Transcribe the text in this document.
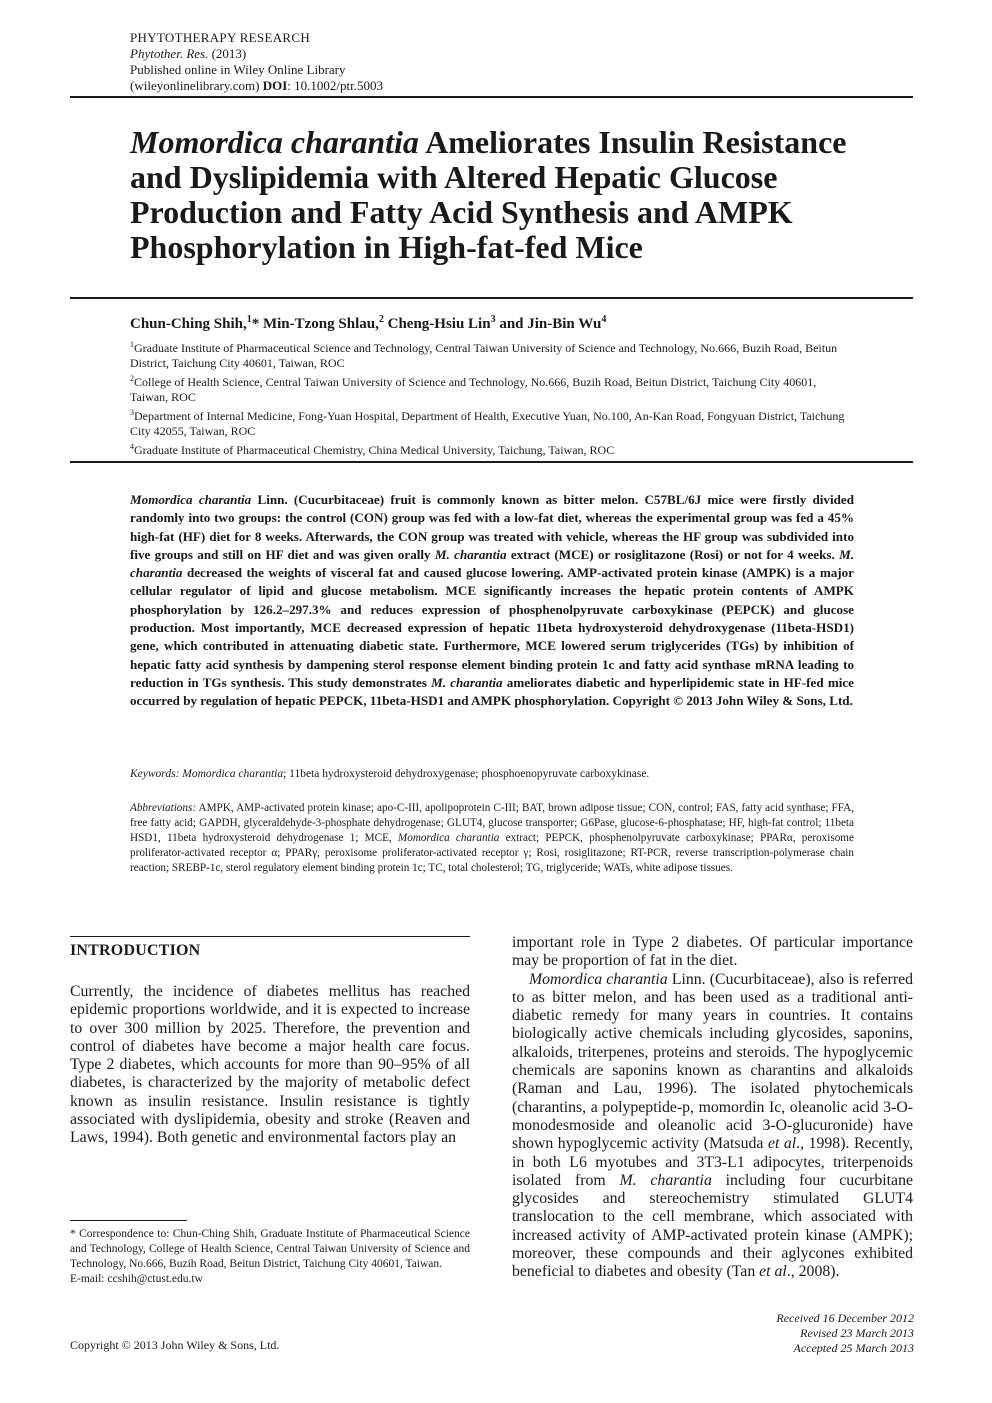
PHYTOTHERAPY RESEARCH
Phytother. Res. (2013)
Published online in Wiley Online Library
(wileyonlinelibrary.com) DOI: 10.1002/ptr.5003
Momordica charantia Ameliorates Insulin Resistance and Dyslipidemia with Altered Hepatic Glucose Production and Fatty Acid Synthesis and AMPK Phosphorylation in High-fat-fed Mice
Chun-Ching Shih,$^1$* Min-Tzong Shlau,$^2$ Cheng-Hsiu Lin$^3$ and Jin-Bin Wu$^4$

$^1$Graduate Institute of Pharmaceutical Science and Technology, Central Taiwan University of Science and Technology, No.666, Buzih Road, Beitun District, Taichung City 40601, Taiwan, ROC

$^2$College of Health Science, Central Taiwan University of Science and Technology, No.666, Buzih Road, Beitun District, Taichung City 40601, Taiwan, ROC

$^3$Department of Internal Medicine, Fong-Yuan Hospital, Department of Health, Executive Yuan, No.100, An-Kan Road, Fongyuan District, Taichung City 42055, Taiwan, ROC

$^4$Graduate Institute of Pharmaceutical Chemistry, China Medical University, Taichung, Taiwan, ROC

Momordica charantia Linn. (Cucurbitaceae) fruit is commonly known as bitter melon. C57BL/6J mice were firstly divided randomly into two groups: the control (CON) group was fed with a low-fat diet, whereas the experimental group was fed a 45% high-fat (HF) diet for 8 weeks. Afterwards, the CON group was treated with vehicle, whereas the HF group was subdivided into five groups and still on HF diet and was given orally M. charantia extract (MCE) or rosiglitazone (Rosi) or not for 4 weeks. M. charantia decreased the weights of visceral fat and caused glucose lowering. AMP-activated protein kinase (AMPK) is a major cellular regulator of lipid and glucose metabolism. MCE significantly increases the hepatic protein contents of AMPK phosphorylation by 126.2–297.3% and reduces expression of phosphenolpyruvate carboxykinase (PEPCK) and glucose production. Most importantly, MCE decreased expression of hepatic 11beta hydroxysteroid dehydroxygenase (11beta-HSD1) gene, which contributed in attenuating diabetic state. Furthermore, MCE lowered serum triglycerides (TGs) by inhibition of hepatic fatty acid synthesis by dampening sterol response element binding protein 1c and fatty acid synthase mRNA leading to reduction in TGs synthesis. This study demonstrates M. charantia ameliorates diabetic and hyperlipidemic state in HF-fed mice occurred by regulation of hepatic PEPCK, 11beta-HSD1 and AMPK phosphorylation. Copyright © 2013 John Wiley & Sons, Ltd.
Keywords: Momordica charantia; 11beta hydroxysteroid dehydroxygenase; phosphoenopyruvate carboxykinase.
Abbreviations: AMPK, AMP-activated protein kinase; apo-C-III, apolipoprotein C-III; BAT, brown adipose tissue; CON, control; FAS, fatty acid synthase; FFA, free fatty acid; GAPDH, glyceraldehyde-3-phosphate dehydrogenase; GLUT4, glucose transporter; G6Pase, glucose-6-phosphatase; HF, high-fat control; 11beta HSD1, 11beta hydroxysteroid dehydrogenase 1; MCE, Momordica charantia extract; PEPCK, phosphenolpyruvate carboxykinase; PPARα, peroxisome proliferator-activated receptor α; PPARγ, peroxisome proliferator-activated receptor γ; Rosi, rosiglitazone; RT-PCR, reverse transcription-polymerase chain reaction; SREBP-1c, sterol regulatory element binding protein 1c; TC, total cholesterol; TG, triglyceride; WATs, white adipose tissues.
INTRODUCTION
Currently, the incidence of diabetes mellitus has reached epidemic proportions worldwide, and it is expected to increase to over 300 million by 2025. Therefore, the prevention and control of diabetes have become a major health care focus. Type 2 diabetes, which accounts for more than 90–95% of all diabetes, is characterized by the majority of metabolic defect known as insulin resistance. Insulin resistance is tightly associated with dyslipidemia, obesity and stroke (Reaven and Laws, 1994). Both genetic and environmental factors play an

important role in Type 2 diabetes. Of particular importance may be proportion of fat in the diet.

Momordica charantia Linn. (Cucurbitaceae), also is referred to as bitter melon, and has been used as a traditional anti-diabetic remedy for many years in countries. It contains biologically active chemicals including glycosides, saponins, alkaloids, triterpenes, proteins and steroids. The hypoglycemic chemicals are saponins known as charantins and alkaloids (Raman and Lau, 1996). The isolated phytochemicals (charantins, a polypeptide-p, momordin Ic, oleanolic acid 3-O-monodesmoside and oleanolic acid 3-O-glucuronide) have shown hypoglycemic activity (Matsuda et al., 1998). Recently, in both L6 myotubes and 3T3-L1 adipocytes, triterpenoids isolated from M. charantia including four cucurbitane glycosides and stereochemistry stimulated GLUT4 translocation to the cell membrane, which associated with increased activity of AMP-activated protein kinase (AMPK); moreover, these compounds and their aglycones exhibited beneficial to diabetes and obesity (Tan et al., 2008).

* Correspondence to: Chun-Ching Shih, Graduate Institute of Pharmaceutical Science and Technology, College of Health Science, Central Taiwan University of Science and Technology, No.666, Buzih Road, Beitun District, Taichung City 40601, Taiwan.

E-mail: ccshih@ctust.edu.tw

Copyright © 2013 John Wiley & Sons, Ltd.

Received 16 December 2012

Revised 23 March 2013

Accepted 25 March 2013
